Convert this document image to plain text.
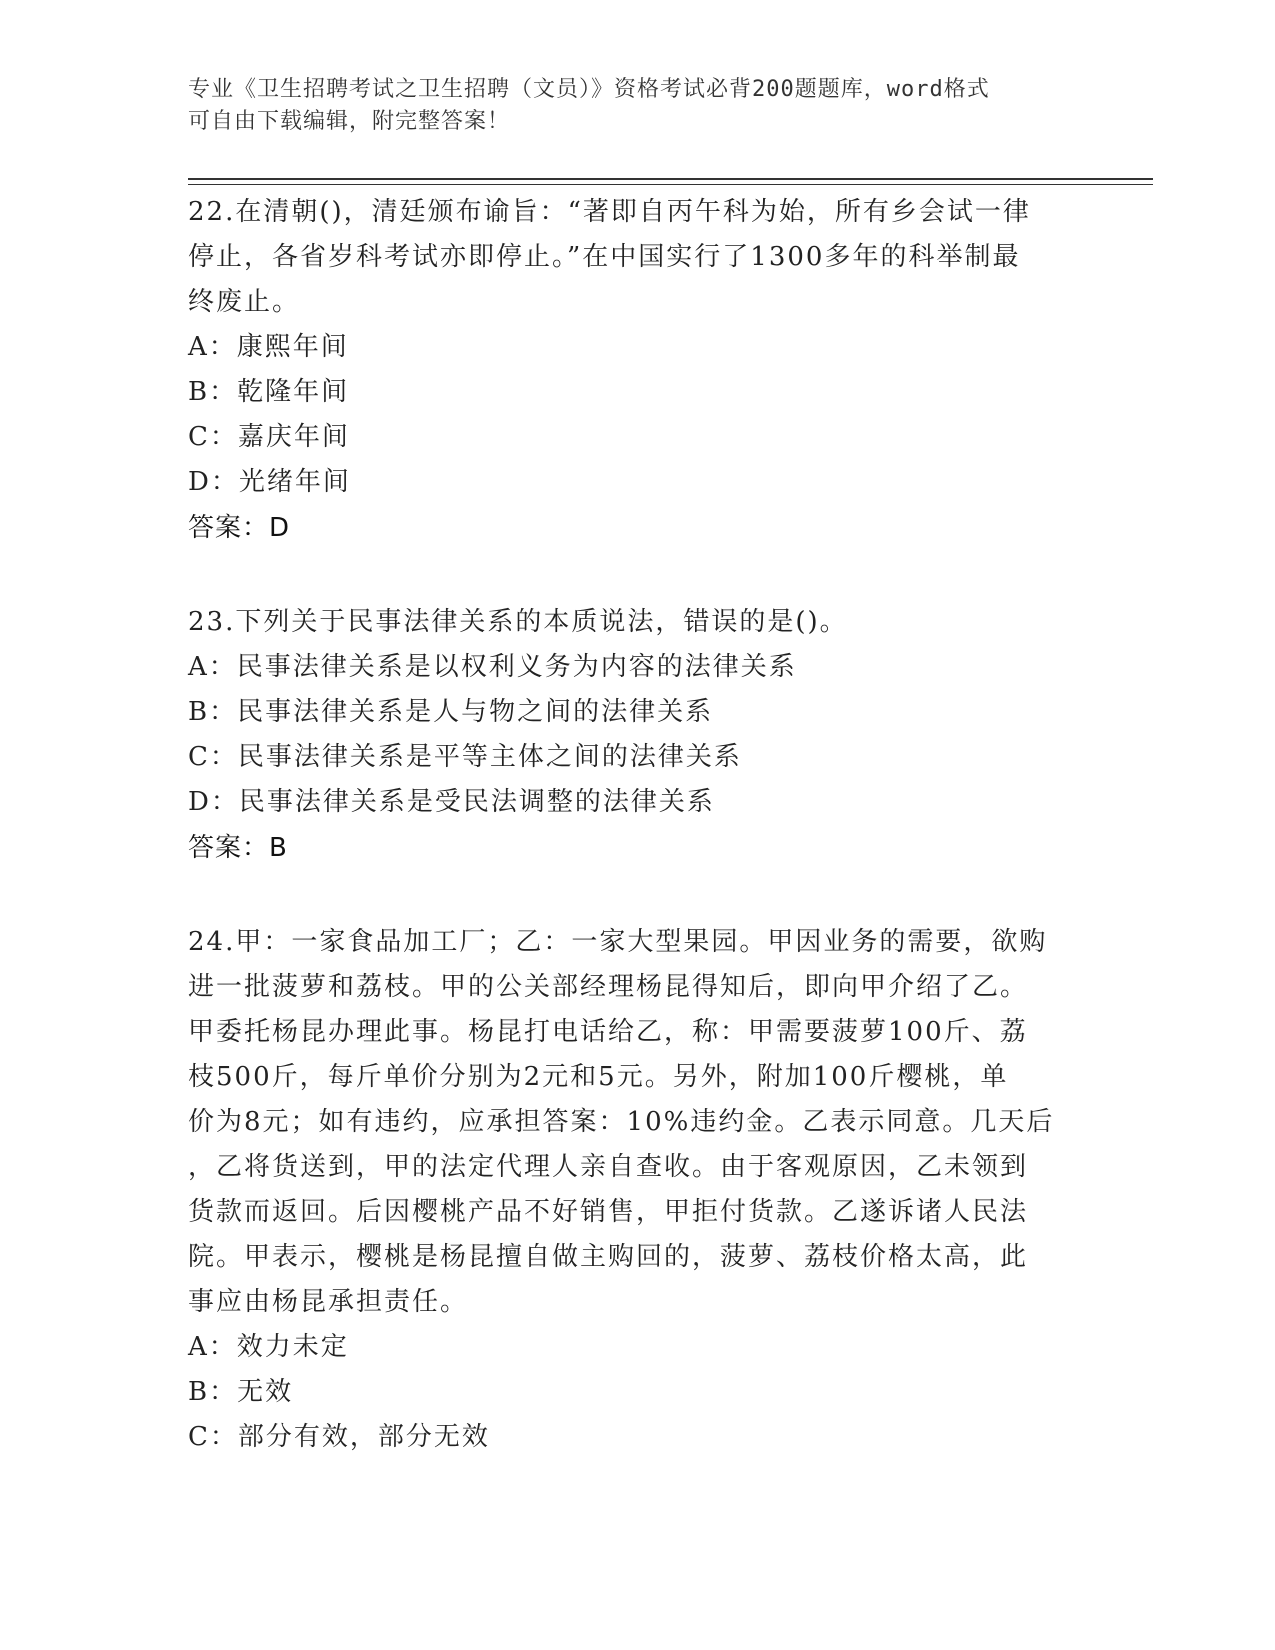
专业《卫生招聘考试之卫生招聘（文员）》资格考试必背200题题库，word格式
可自由下载编辑，附完整答案！
22.在清朝()，清廷颁布谕旨：“著即自丙午科为始，所有乡会试一律
停止，各省岁科考试亦即停止。”在中国实行了1300多年的科举制最
终废止。
A：康熙年间
B：乾隆年间
C：嘉庆年间
D：光绪年间
答案：D
23.下列关于民事法律关系的本质说法，错误的是()。
A：民事法律关系是以权利义务为内容的法律关系
B：民事法律关系是人与物之间的法律关系
C：民事法律关系是平等主体之间的法律关系
D：民事法律关系是受民法调整的法律关系
答案：B
24.甲：一家食品加工厂；乙：一家大型果园。甲因业务的需要，欲购
进一批菠萝和荔枝。甲的公关部经理杨昆得知后，即向甲介绍了乙。
甲委托杨昆办理此事。杨昆打电话给乙，称：甲需要菠萝100斤、荔
枝500斤，每斤单价分别为2元和5元。另外，附加100斤樱桃，单
价为8元；如有违约，应承担答案：10%违约金。乙表示同意。几天后
，乙将货送到，甲的法定代理人亲自查收。由于客观原因，乙未领到
货款而返回。后因樱桃产品不好销售，甲拒付货款。乙遂诉诸人民法
院。甲表示，樱桃是杨昆擅自做主购回的，菠萝、荔枝价格太高，此
事应由杨昆承担责任。
A：效力未定
B：无效
C：部分有效，部分无效
